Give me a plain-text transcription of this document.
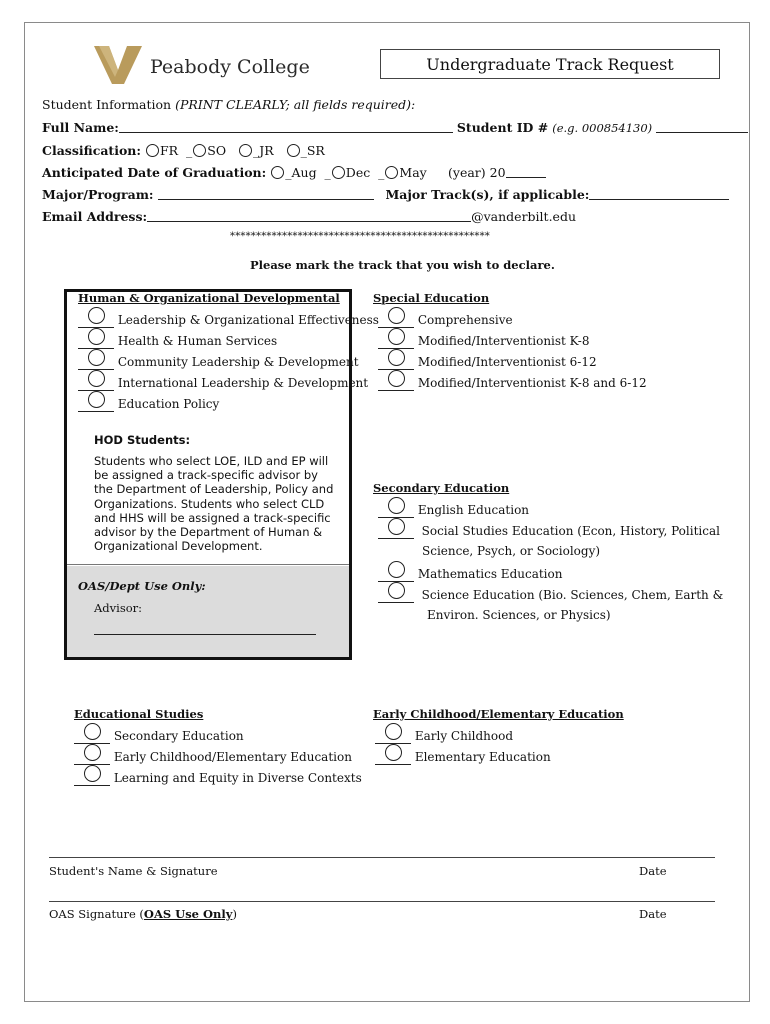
Peabody College	Undergraduate Track Request
Student Information (PRINT CLEARLY; all fields required):
Full Name:	Student ID # (e.g. 000854130)
Classification: FR _ SO _JR _SR
Anticipated Date of Graduation: _Aug _ Dec _ May (year) 20
Major/Program:	Major Track(s), if applicable:
Email Address:	@vanderbilt.edu
**************************************************
Please mark the track that you wish to declare.
Human & Organizational Developmental
Leadership & Organizational Effectiveness
Health & Human Services
Community Leadership & Development
International Leadership & Development
Education Policy
HOD Students:
Students who select LOE, ILD and EP will be assigned a track-specific advisor by the Department of Leadership, Policy and Organizations. Students who select CLD and HHS will be assigned a track-specific advisor by the Department of Human & Organizational Development.
OAS/Dept Use Only:
Advisor:
Special Education
Comprehensive
Modified/Interventionist K-8
Modified/Interventionist 6-12
Modified/Interventionist K-8 and 6-12
Secondary Education
English Education
Social Studies Education (Econ, History, Political
Science, Psych, or Sociology)
Mathematics Education
Science Education (Bio. Sciences, Chem, Earth &
Environ. Sciences, or Physics)
Educational Studies
Secondary Education
Early Childhood/Elementary Education
Learning and Equity in Diverse Contexts
Early Childhood/Elementary Education
Early Childhood
Elementary Education
Student's Name & Signature	Date
OAS Signature (OAS Use Only)	Date
